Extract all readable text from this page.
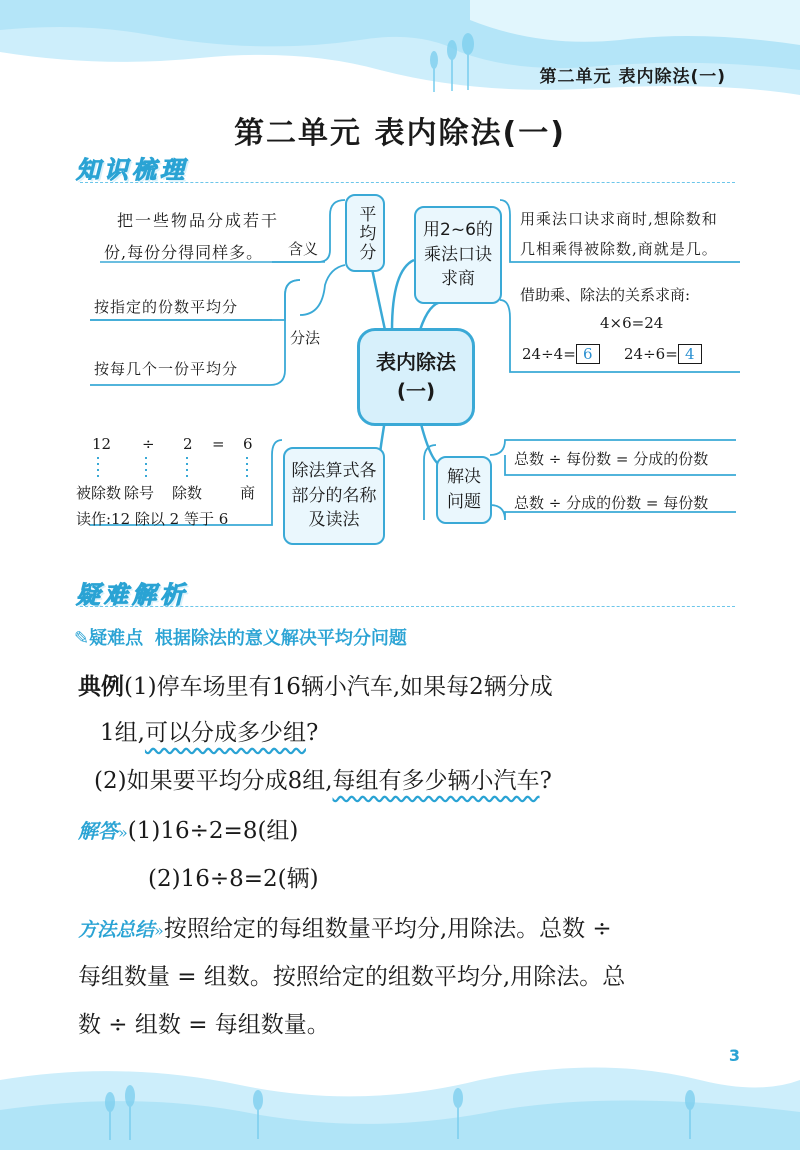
第二单元 表内除法(一)
第二单元 表内除法(一)
知识梳理
表内除法
(一)
平均分
把一些物品分成若干
份,每份分得同样多。 含义
分法
按指定的份数平均分
按每几个一份平均分
用2~6的
乘法口诀
求商
用乘法口诀求商时,想除数和
几相乘得被除数,商就是几。
借助乘、除法的关系求商:
4×6=24
24÷4= 6	24÷6= 4
除法算式各
部分的名称
及读法
12 ÷ 2 = 6
被除数 除号 除数	商
读作:12 除以 2 等于 6
解决
问题
总数 ÷ 每份数 = 分成的份数
总数 ÷ 分成的份数 = 每份数
疑难解析
✎疑难点 根据除法的意义解决平均分问题
典例(1)停车场里有16辆小汽车,如果每2辆分成
1组,可以分成多少组?
(2)如果要平均分成8组,每组有多少辆小汽车?
解答»(1)16÷2=8(组)
(2)16÷8=2(辆)
方法总结»按照给定的每组数量平均分,用除法。总数 ÷
每组数量 = 组数。按照给定的组数平均分,用除法。总
数 ÷ 组数 = 每组数量。
3
